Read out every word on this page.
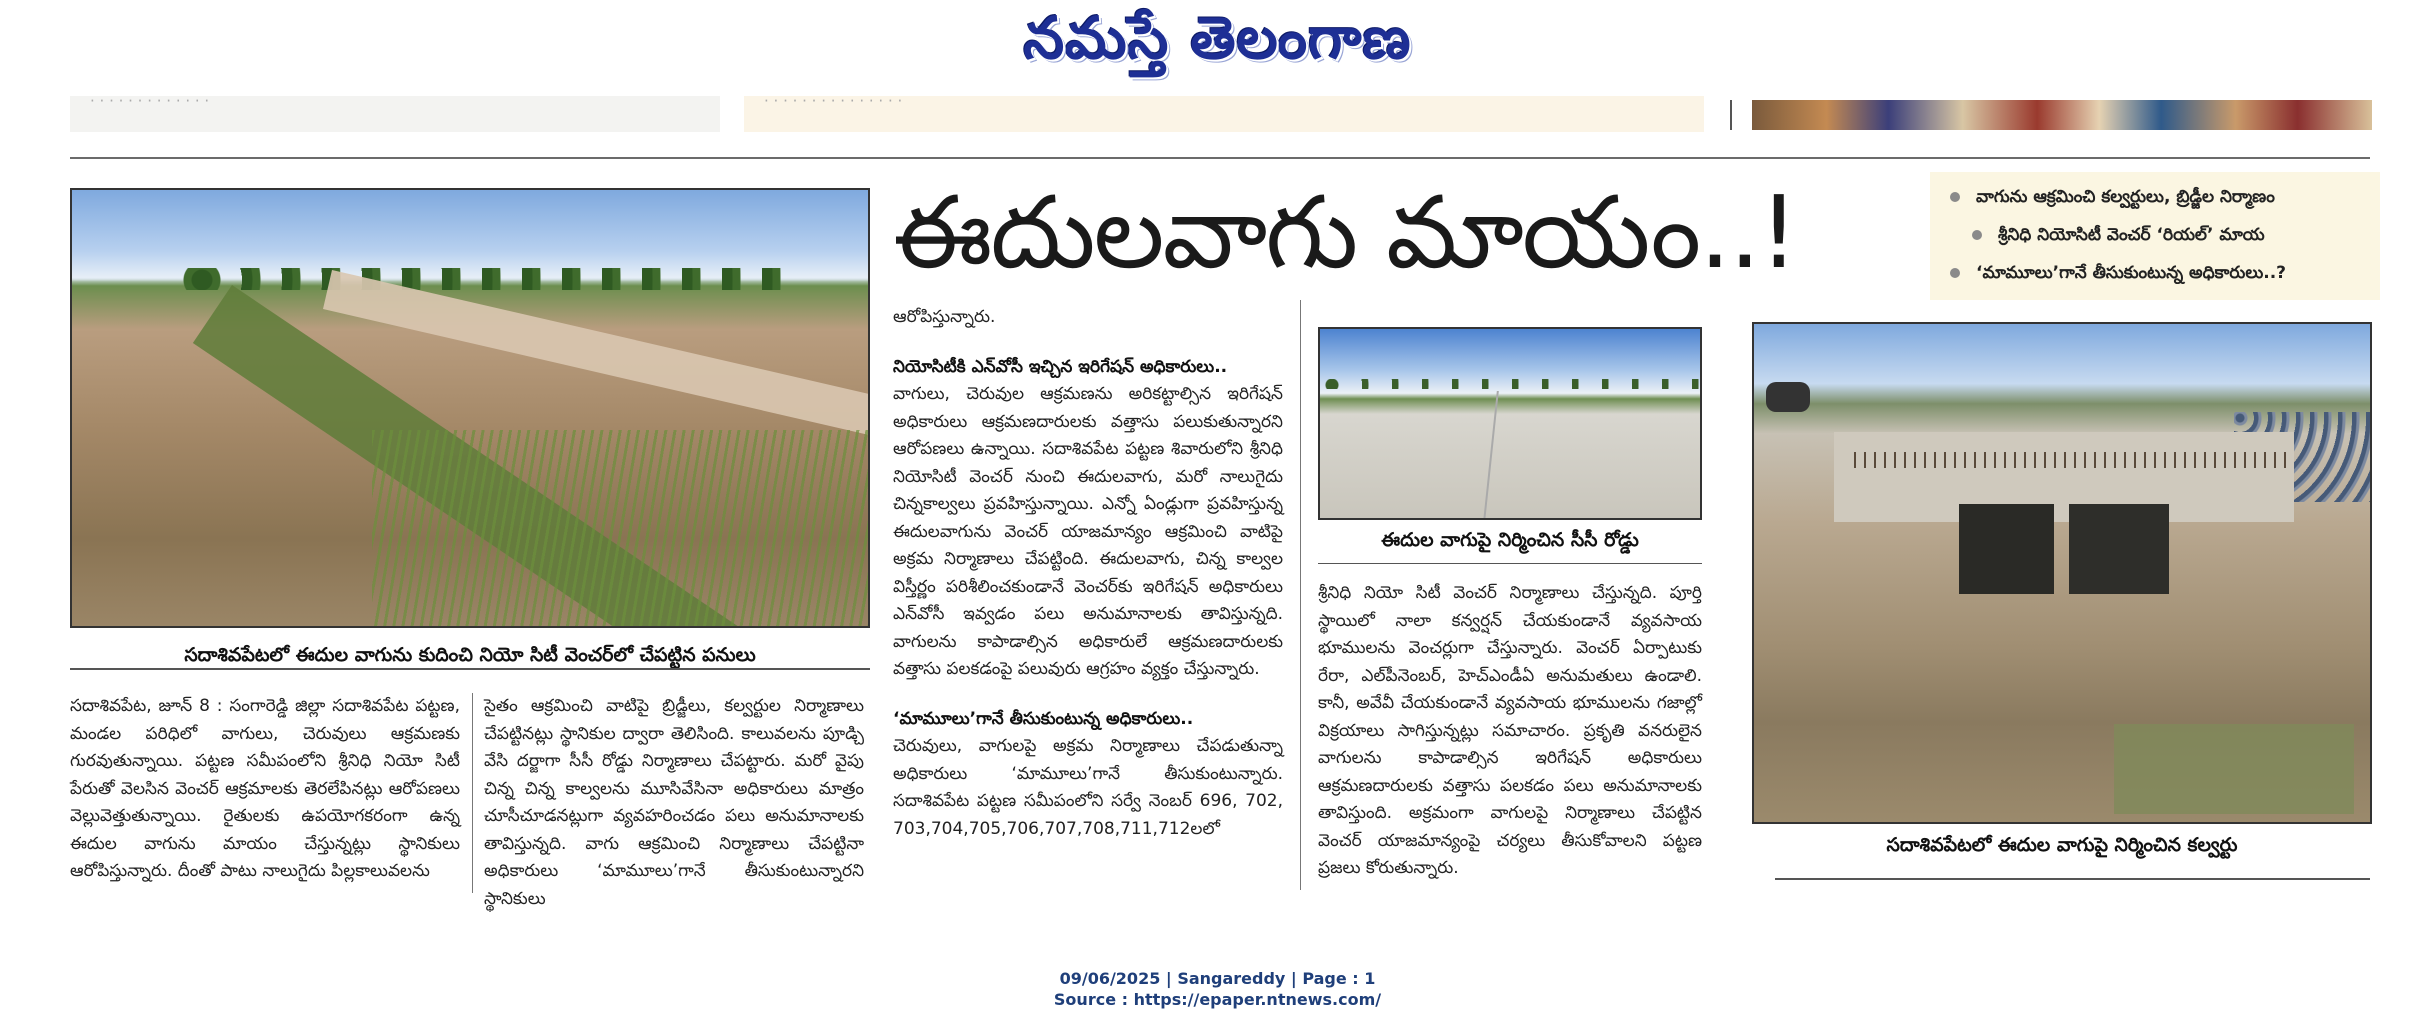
నమస్తే తెలంగాణ
· · · · · · · · · · · · ·	· · · · · · · · · · · · · · ·
సదాశివపేటలో ఈదుల వాగును కుదించి నియో సిటీ వెంచర్‌లో చేపట్టిన పనులు
సదాశివపేట, జూన్ 8 : సంగారెడ్డి జిల్లా సదాశివపేట పట్టణ, మండల పరిధిలో వాగులు, చెరువులు ఆక్రమణకు గురవుతున్నాయి. పట్టణ సమీపంలోని శ్రీనిధి నియో సిటీ పేరుతో వెలసిన వెంచర్ ఆక్రమాలకు తెరలేపినట్లు ఆరోపణలు వెల్లువెత్తుతున్నాయి. రైతులకు ఉపయోగకరంగా ఉన్న ఈదుల వాగును మాయం చేస్తున్నట్లు స్థానికులు ఆరోపిస్తున్నారు. దీంతో పాటు నాలుగైదు పిల్లకాలువలను
సైతం ఆక్రమించి వాటిపై బ్రిడ్జీలు, కల్వర్టుల నిర్మాణాలు చేపట్టినట్లు స్థానికుల ద్వారా తెలిసింది. కాలువలను పూడ్చి వేసి దర్జాగా సీసీ రోడ్డు నిర్మాణాలు చేపట్టారు. మరో వైపు చిన్న చిన్న కాల్వలను మూసివేసినా అధికారులు మాత్రం చూసీచూడనట్లుగా వ్యవహరించడం పలు అనుమానాలకు తావిస్తున్నది. వాగు ఆక్రమించి నిర్మాణాలు చేపట్టినా అధికారులు ‘మామూలు’గానే తీసుకుంటున్నారని స్థానికులు
ఈదులవాగు మాయం..!	వాగును ఆక్రమించి కల్వర్టులు, బ్రిడ్జీల నిర్మాణం
శ్రీనిధి నియోసిటీ వెంచర్ ‘రియల్’ మాయ
‘మామూలు’గానే తీసుకుంటున్న అధికారులు..?
ఆరోపిస్తున్నారు.
నియోసిటీకి ఎన్‌వోసీ ఇచ్చిన ఇరిగేషన్ అధికారులు..
వాగులు, చెరువుల ఆక్రమణను అరికట్టాల్సిన ఇరిగేషన్ అధికారులు ఆక్రమణదారులకు వత్తాసు పలుకుతున్నారని ఆరోపణలు ఉన్నాయి. సదాశివపేట పట్టణ శివారులోని శ్రీనిధి నియోసిటీ వెంచర్ నుంచి ఈదులవాగు, మరో నాలుగైదు చిన్నకాల్వలు ప్రవహిస్తున్నాయి. ఎన్నో ఏండ్లుగా ప్రవహిస్తున్న ఈదులవాగును వెంచర్ యాజమాన్యం ఆక్రమించి వాటిపై అక్రమ నిర్మాణాలు చేపట్టింది. ఈదులవాగు, చిన్న కాల్వల విస్తీర్ణం పరిశీలించకుండానే వెంచర్‌కు ఇరిగేషన్ అధికారులు ఎన్‌వోసీ ఇవ్వడం పలు అనుమానాలకు తావిస్తున్నది. వాగులను కాపాడాల్సిన అధికారులే ఆక్రమణదారులకు వత్తాసు పలకడంపై పలువురు ఆగ్రహం వ్యక్తం చేస్తున్నారు.
‘మామూలు’గానే తీసుకుంటున్న అధికారులు..
చెరువులు, వాగులపై అక్రమ నిర్మాణాలు చేపడుతున్నా అధికారులు ‘మామూలు’గానే తీసుకుంటున్నారు. సదాశివపేట పట్టణ సమీపంలోని సర్వే నెంబర్ 696, 702, 703,704,705,706,707,708,711,712లలో
ఈదుల వాగుపై నిర్మించిన సీసీ రోడ్డు
శ్రీనిధి నియో సిటీ వెంచర్ నిర్మాణాలు చేస్తున్నది. పూర్తి స్థాయిలో నాలా కన్వర్షన్ చేయకుండానే వ్యవసాయ భూములను వెంచర్లుగా చేస్తున్నారు. వెంచర్ ఏర్పాటుకు రేరా, ఎల్‌పీనెంబర్, హెచ్‌ఎండీఏ అనుమతులు ఉండాలి. కానీ, అవేవీ చేయకుండానే వ్యవసాయ భూములను గజాల్లో విక్రయాలు సాగిస్తున్నట్లు సమాచారం. ప్రకృతి వనరులైన వాగులను కాపాడాల్సిన ఇరిగేషన్ అధికారులు ఆక్రమణదారులకు వత్తాసు పలకడం పలు అనుమానాలకు తావిస్తుంది. అక్రమంగా వాగులపై నిర్మాణాలు చేపట్టిన వెంచర్ యాజమాన్యంపై చర్యలు తీసుకోవాలని పట్టణ ప్రజలు కోరుతున్నారు.
సదాశివపేటలో ఈదుల వాగుపై నిర్మించిన కల్వర్టు
09/06/2025 | Sangareddy | Page : 1
Source : https://epaper.ntnews.com/
